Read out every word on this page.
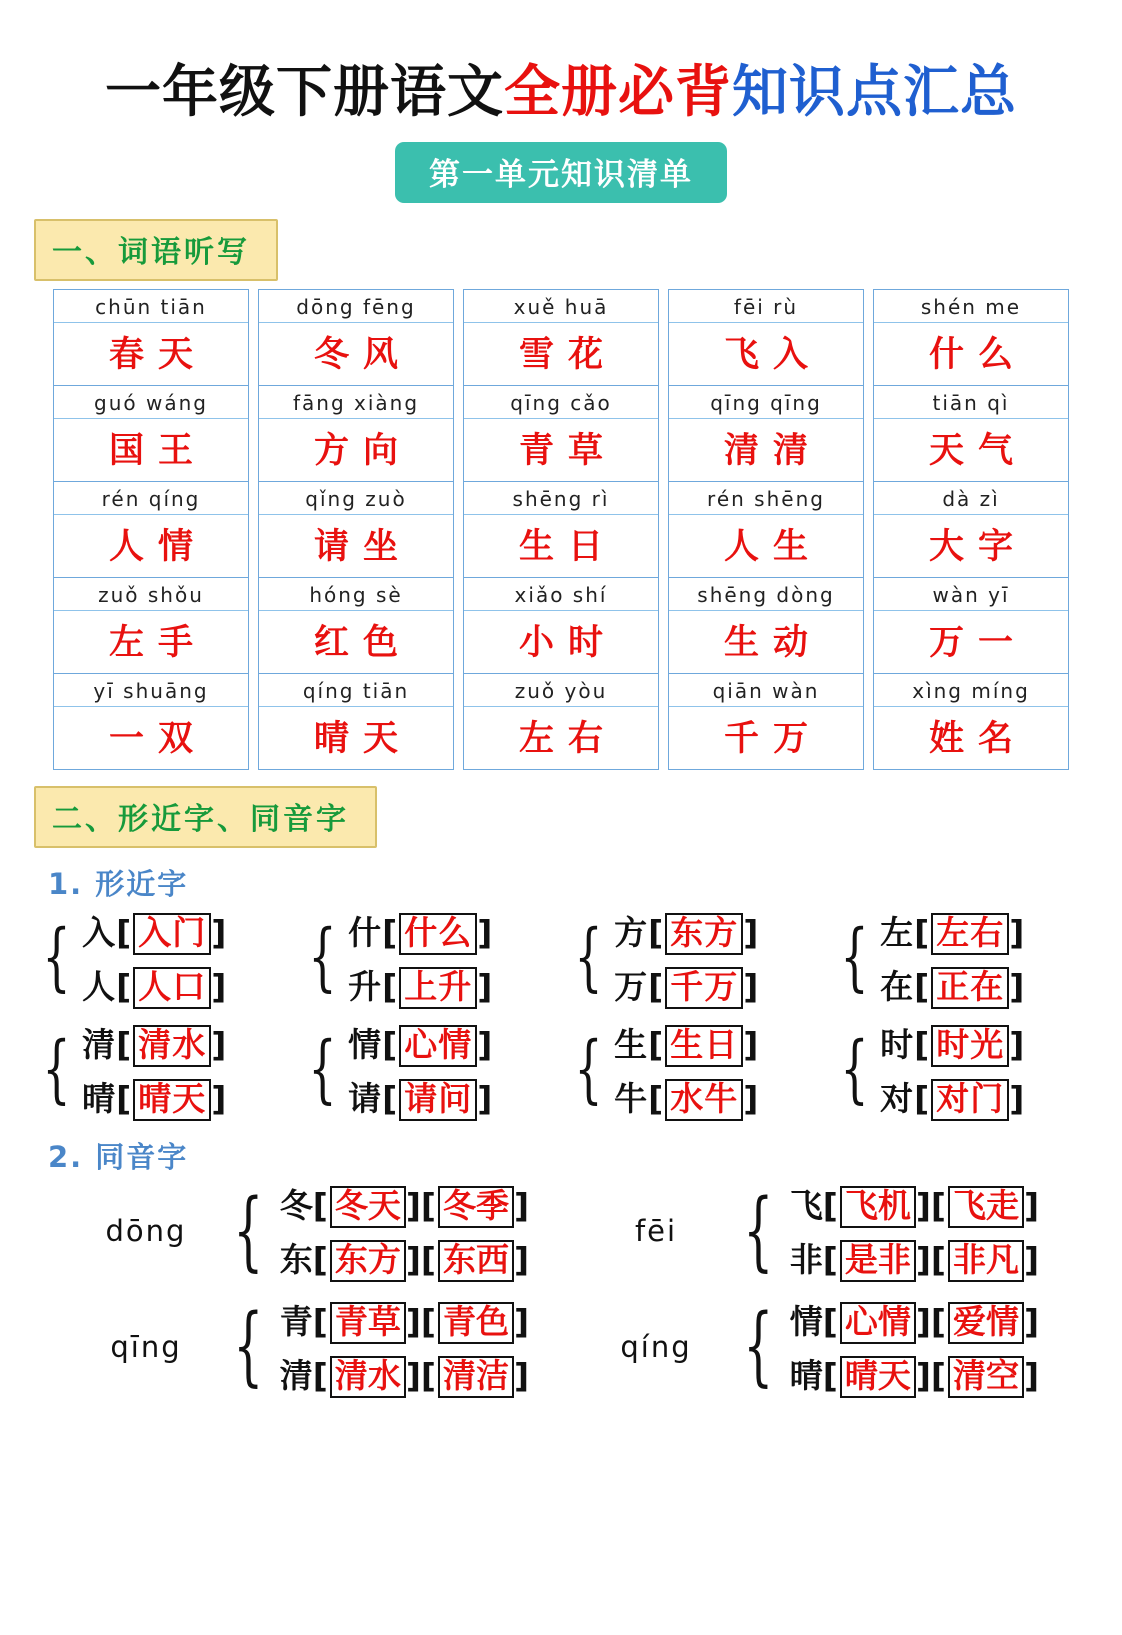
一年级下册语文全册必背知识点汇总
第一单元知识清单
一、词语听写
chūn tiān
春天
guó wáng
国王
rén qíng
人情
zuǒ shǒu
左手
yī shuāng
一双
dōng fēng
冬风
fāng xiàng
方向
qǐng zuò
请坐
hóng sè
红色
qíng tiān
晴天
xuě huā
雪花
qīng cǎo
青草
shēng rì
生日
xiǎo shí
小时
zuǒ yòu
左右
fēi rù
飞入
qīng qīng
清清
rén shēng
人生
shēng dòng
生动
qiān wàn
千万
shén me
什么
tiān qì
天气
dà zì
大字
wàn yī
万一
xìng míng
姓名
二、形近字、同音字
1. 形近字
{ 入[ 入门 ]
人[ 人口 ] { 什[ 什么 ]
升[ 上升 ] { 方[ 东方 ]
万[ 千万 ] { 左[ 左右 ]
在[ 正在 ]
{ 清[ 清水 ]
晴[ 晴天 ] { 情[ 心情 ]
请[ 请问 ] { 生[ 生日 ]
牛[ 水牛 ] { 时[ 时光 ]
对[ 对门 ]
2. 同音字
dōng { 冬[ 冬天 ][ 冬季 ]
东[ 东方 ][ 东西 ]
fēi { 飞[ 飞机 ][ 飞走 ]
非[ 是非 ][ 非凡 ]
qīng { 青[ 青草 ][ 青色 ]
清[ 清水 ][ 清洁 ]
qíng { 情[ 心情 ][ 爱情 ]
晴[ 晴天 ][ 清空 ]
